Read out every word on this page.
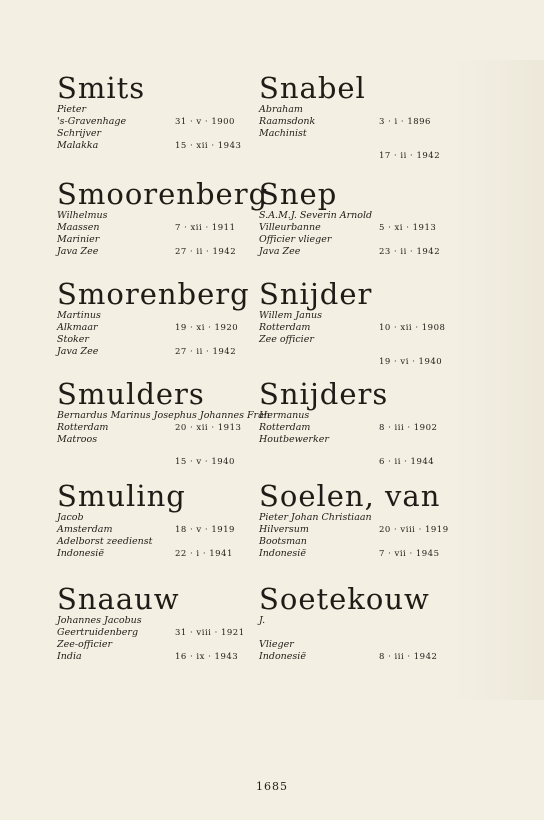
Smits
Pieter
's-Gravenhage	31 · v · 1900
Schrijver
Malakka	15 · xii · 1943
Smoorenberg
Wilhelmus
Maassen	7 · xii · 1911
Marinier
Java Zee	27 · ii · 1942
Smorenberg
Martinus
Alkmaar	19 · xi · 1920
Stoker
Java Zee	27 · ii · 1942
Smulders
Bernardus Marinus Josephus Johannes Fran
Rotterdam	20 · xii · 1913
Matroos
15 · v · 1940
Smuling
Jacob
Amsterdam	18 · v · 1919
Adelborst zeedienst
Indonesië	22 · i · 1941
Snaauw
Johannes Jacobus
Geertruidenberg	31 · viii · 1921
Zee-officier
India	16 · ix · 1943
Snabel
Abraham
Raamsdonk	3 · i · 1896
Machinist
17 · ii · 1942
Snep
S.A.M.J. Severin Arnold
Villeurbanne	5 · xi · 1913
Officier vlieger
Java Zee	23 · ii · 1942
Snijder
Willem Janus
Rotterdam	10 · xii · 1908
Zee officier
19 · vi · 1940
Snijders
Hermanus
Rotterdam	8 · iii · 1902
Houtbewerker
6 · ii · 1944
Soelen, van
Pieter Johan Christiaan
Hilversum	20 · viii · 1919
Bootsman
Indonesië	7 · vii · 1945
Soetekouw
J.
Vlieger
Indonesië	8 · iii · 1942
1685
